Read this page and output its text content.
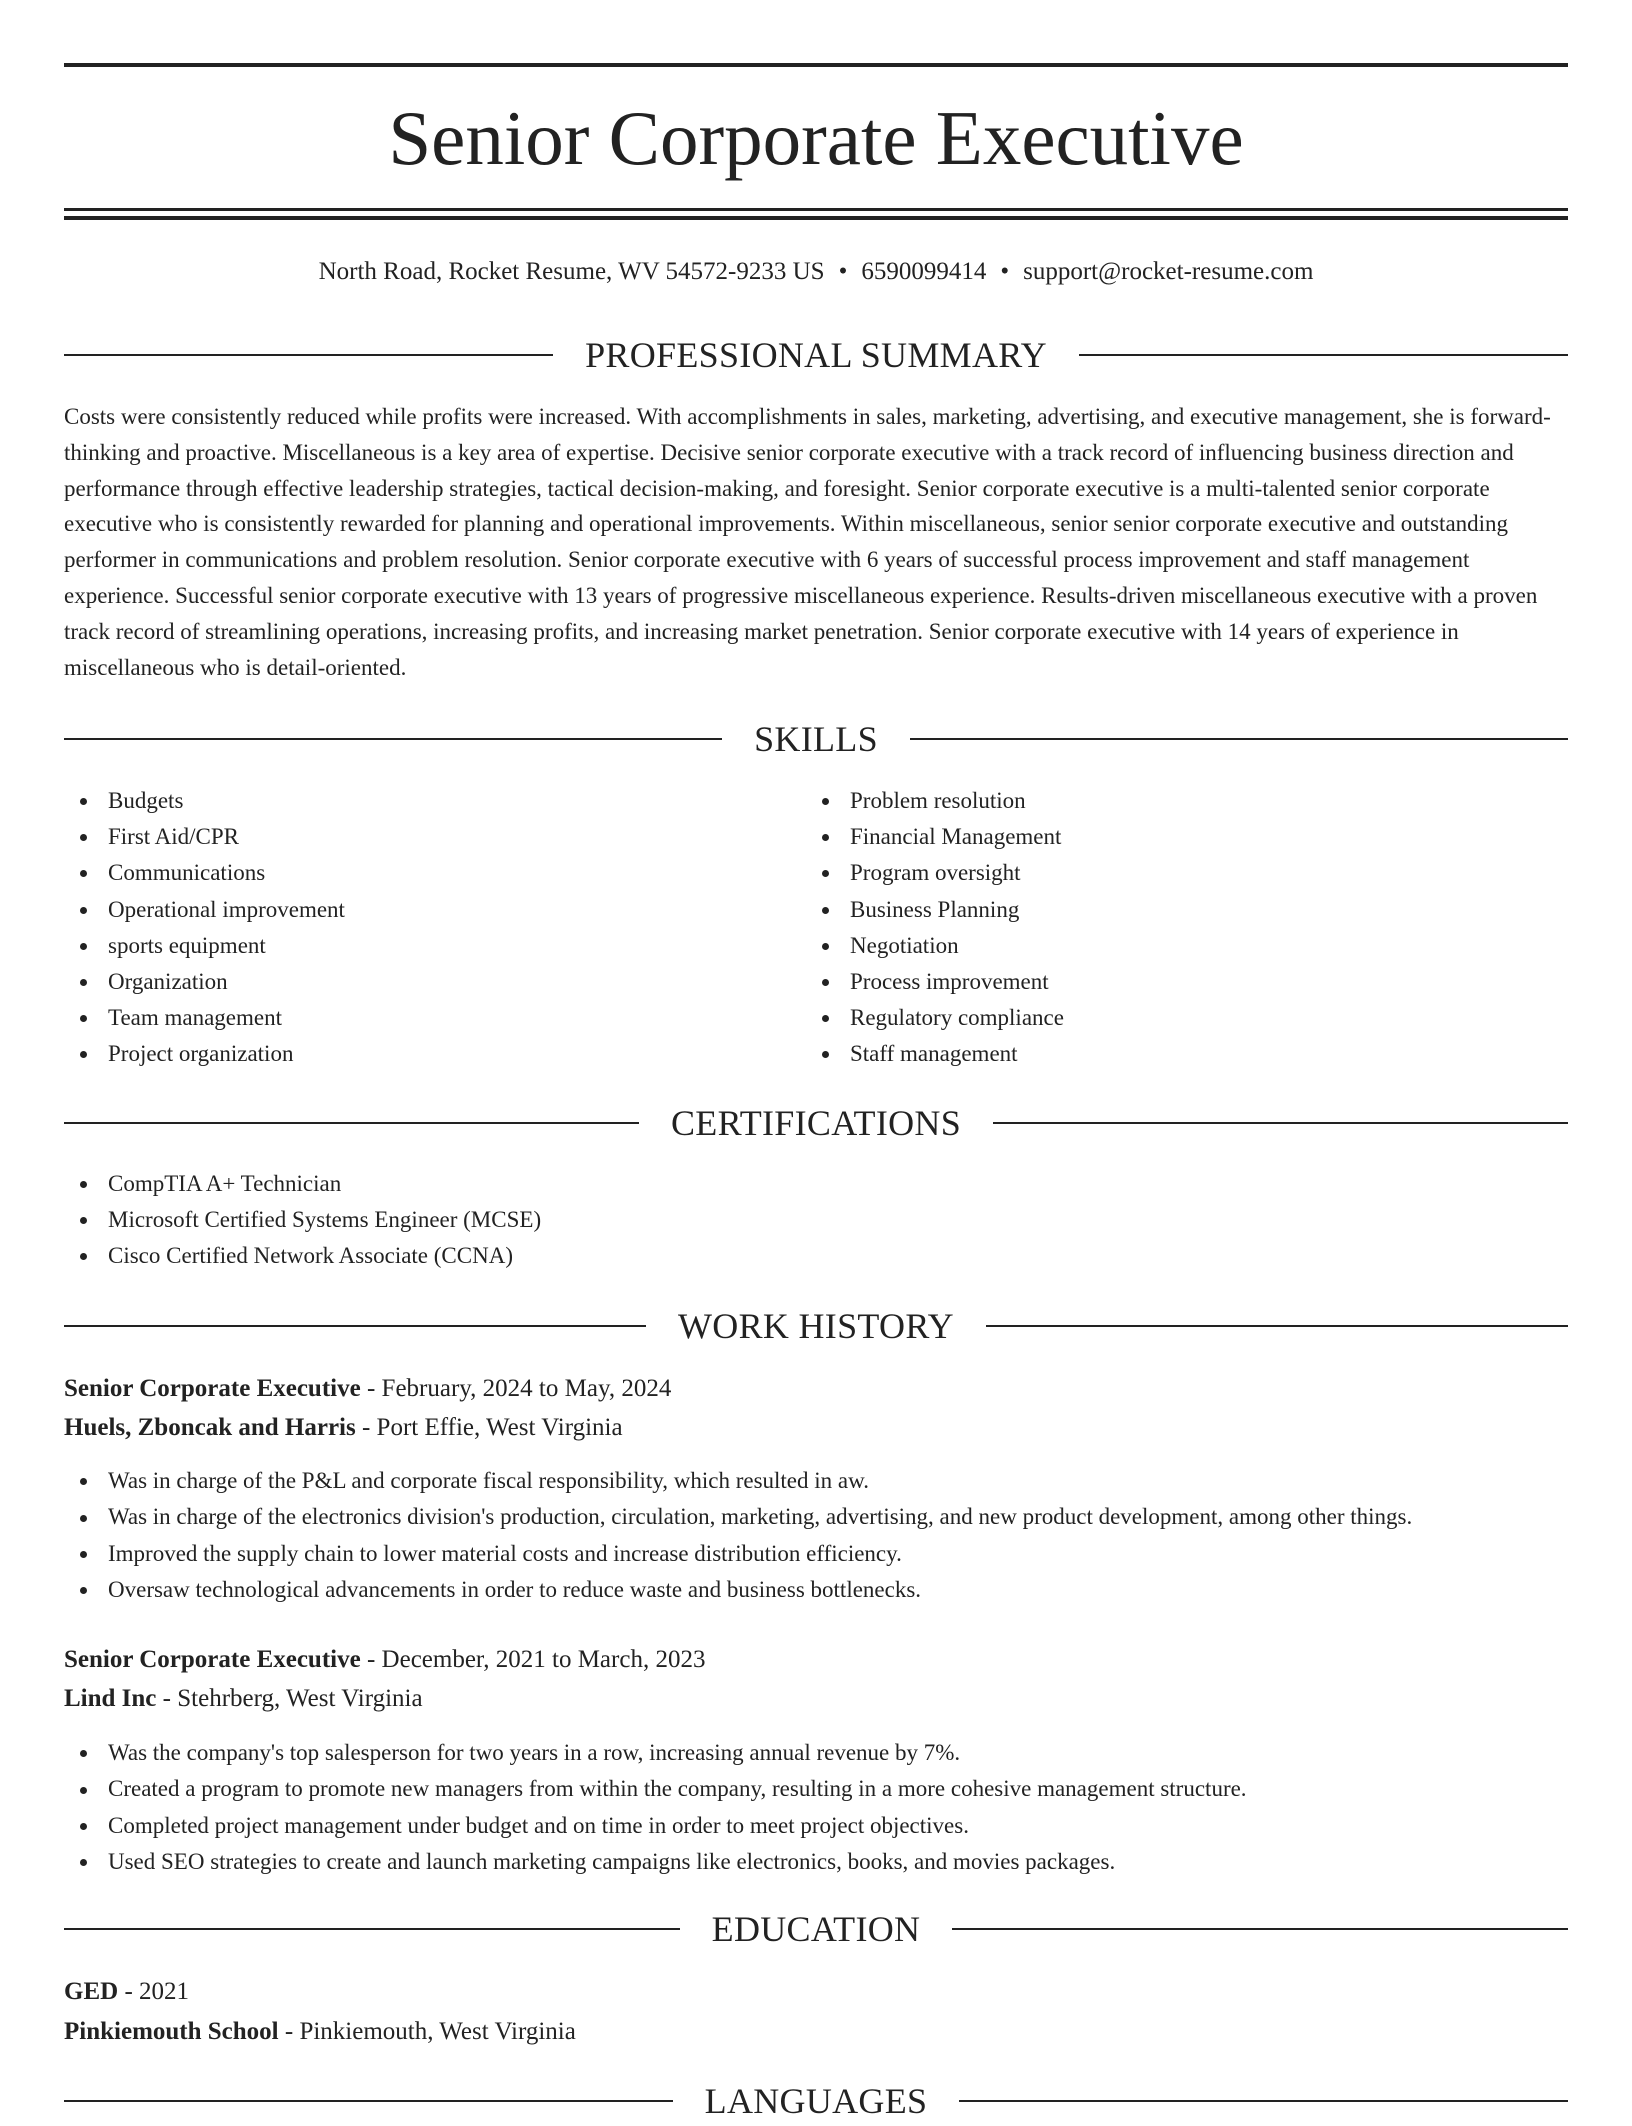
Senior Corporate Executive
North Road, Rocket Resume, WV 54572-9233 US • 6590099414 • support@rocket-resume.com
PROFESSIONAL SUMMARY
Costs were consistently reduced while profits were increased. With accomplishments in sales, marketing, advertising, and executive management, she is forward-thinking and proactive. Miscellaneous is a key area of expertise. Decisive senior corporate executive with a track record of influencing business direction and performance through effective leadership strategies, tactical decision-making, and foresight. Senior corporate executive is a multi-talented senior corporate executive who is consistently rewarded for planning and operational improvements. Within miscellaneous, senior senior corporate executive and outstanding performer in communications and problem resolution. Senior corporate executive with 6 years of successful process improvement and staff management experience. Successful senior corporate executive with 13 years of progressive miscellaneous experience. Results-driven miscellaneous executive with a proven track record of streamlining operations, increasing profits, and increasing market penetration. Senior corporate executive with 14 years of experience in miscellaneous who is detail-oriented.
SKILLS
Budgets
First Aid/CPR
Communications
Operational improvement
sports equipment
Organization
Team management
Project organization
Problem resolution
Financial Management
Program oversight
Business Planning
Negotiation
Process improvement
Regulatory compliance
Staff management
CERTIFICATIONS
CompTIA A+ Technician
Microsoft Certified Systems Engineer (MCSE)
Cisco Certified Network Associate (CCNA)
WORK HISTORY
Senior Corporate Executive - February, 2024 to May, 2024
Huels, Zboncak and Harris - Port Effie, West Virginia
Was in charge of the P&L and corporate fiscal responsibility, which resulted in aw.
Was in charge of the electronics division's production, circulation, marketing, advertising, and new product development, among other things.
Improved the supply chain to lower material costs and increase distribution efficiency.
Oversaw technological advancements in order to reduce waste and business bottlenecks.
Senior Corporate Executive - December, 2021 to March, 2023
Lind Inc - Stehrberg, West Virginia
Was the company's top salesperson for two years in a row, increasing annual revenue by 7%.
Created a program to promote new managers from within the company, resulting in a more cohesive management structure.
Completed project management under budget and on time in order to meet project objectives.
Used SEO strategies to create and launch marketing campaigns like electronics, books, and movies packages.
EDUCATION
GED - 2021
Pinkiemouth School - Pinkiemouth, West Virginia
LANGUAGES
